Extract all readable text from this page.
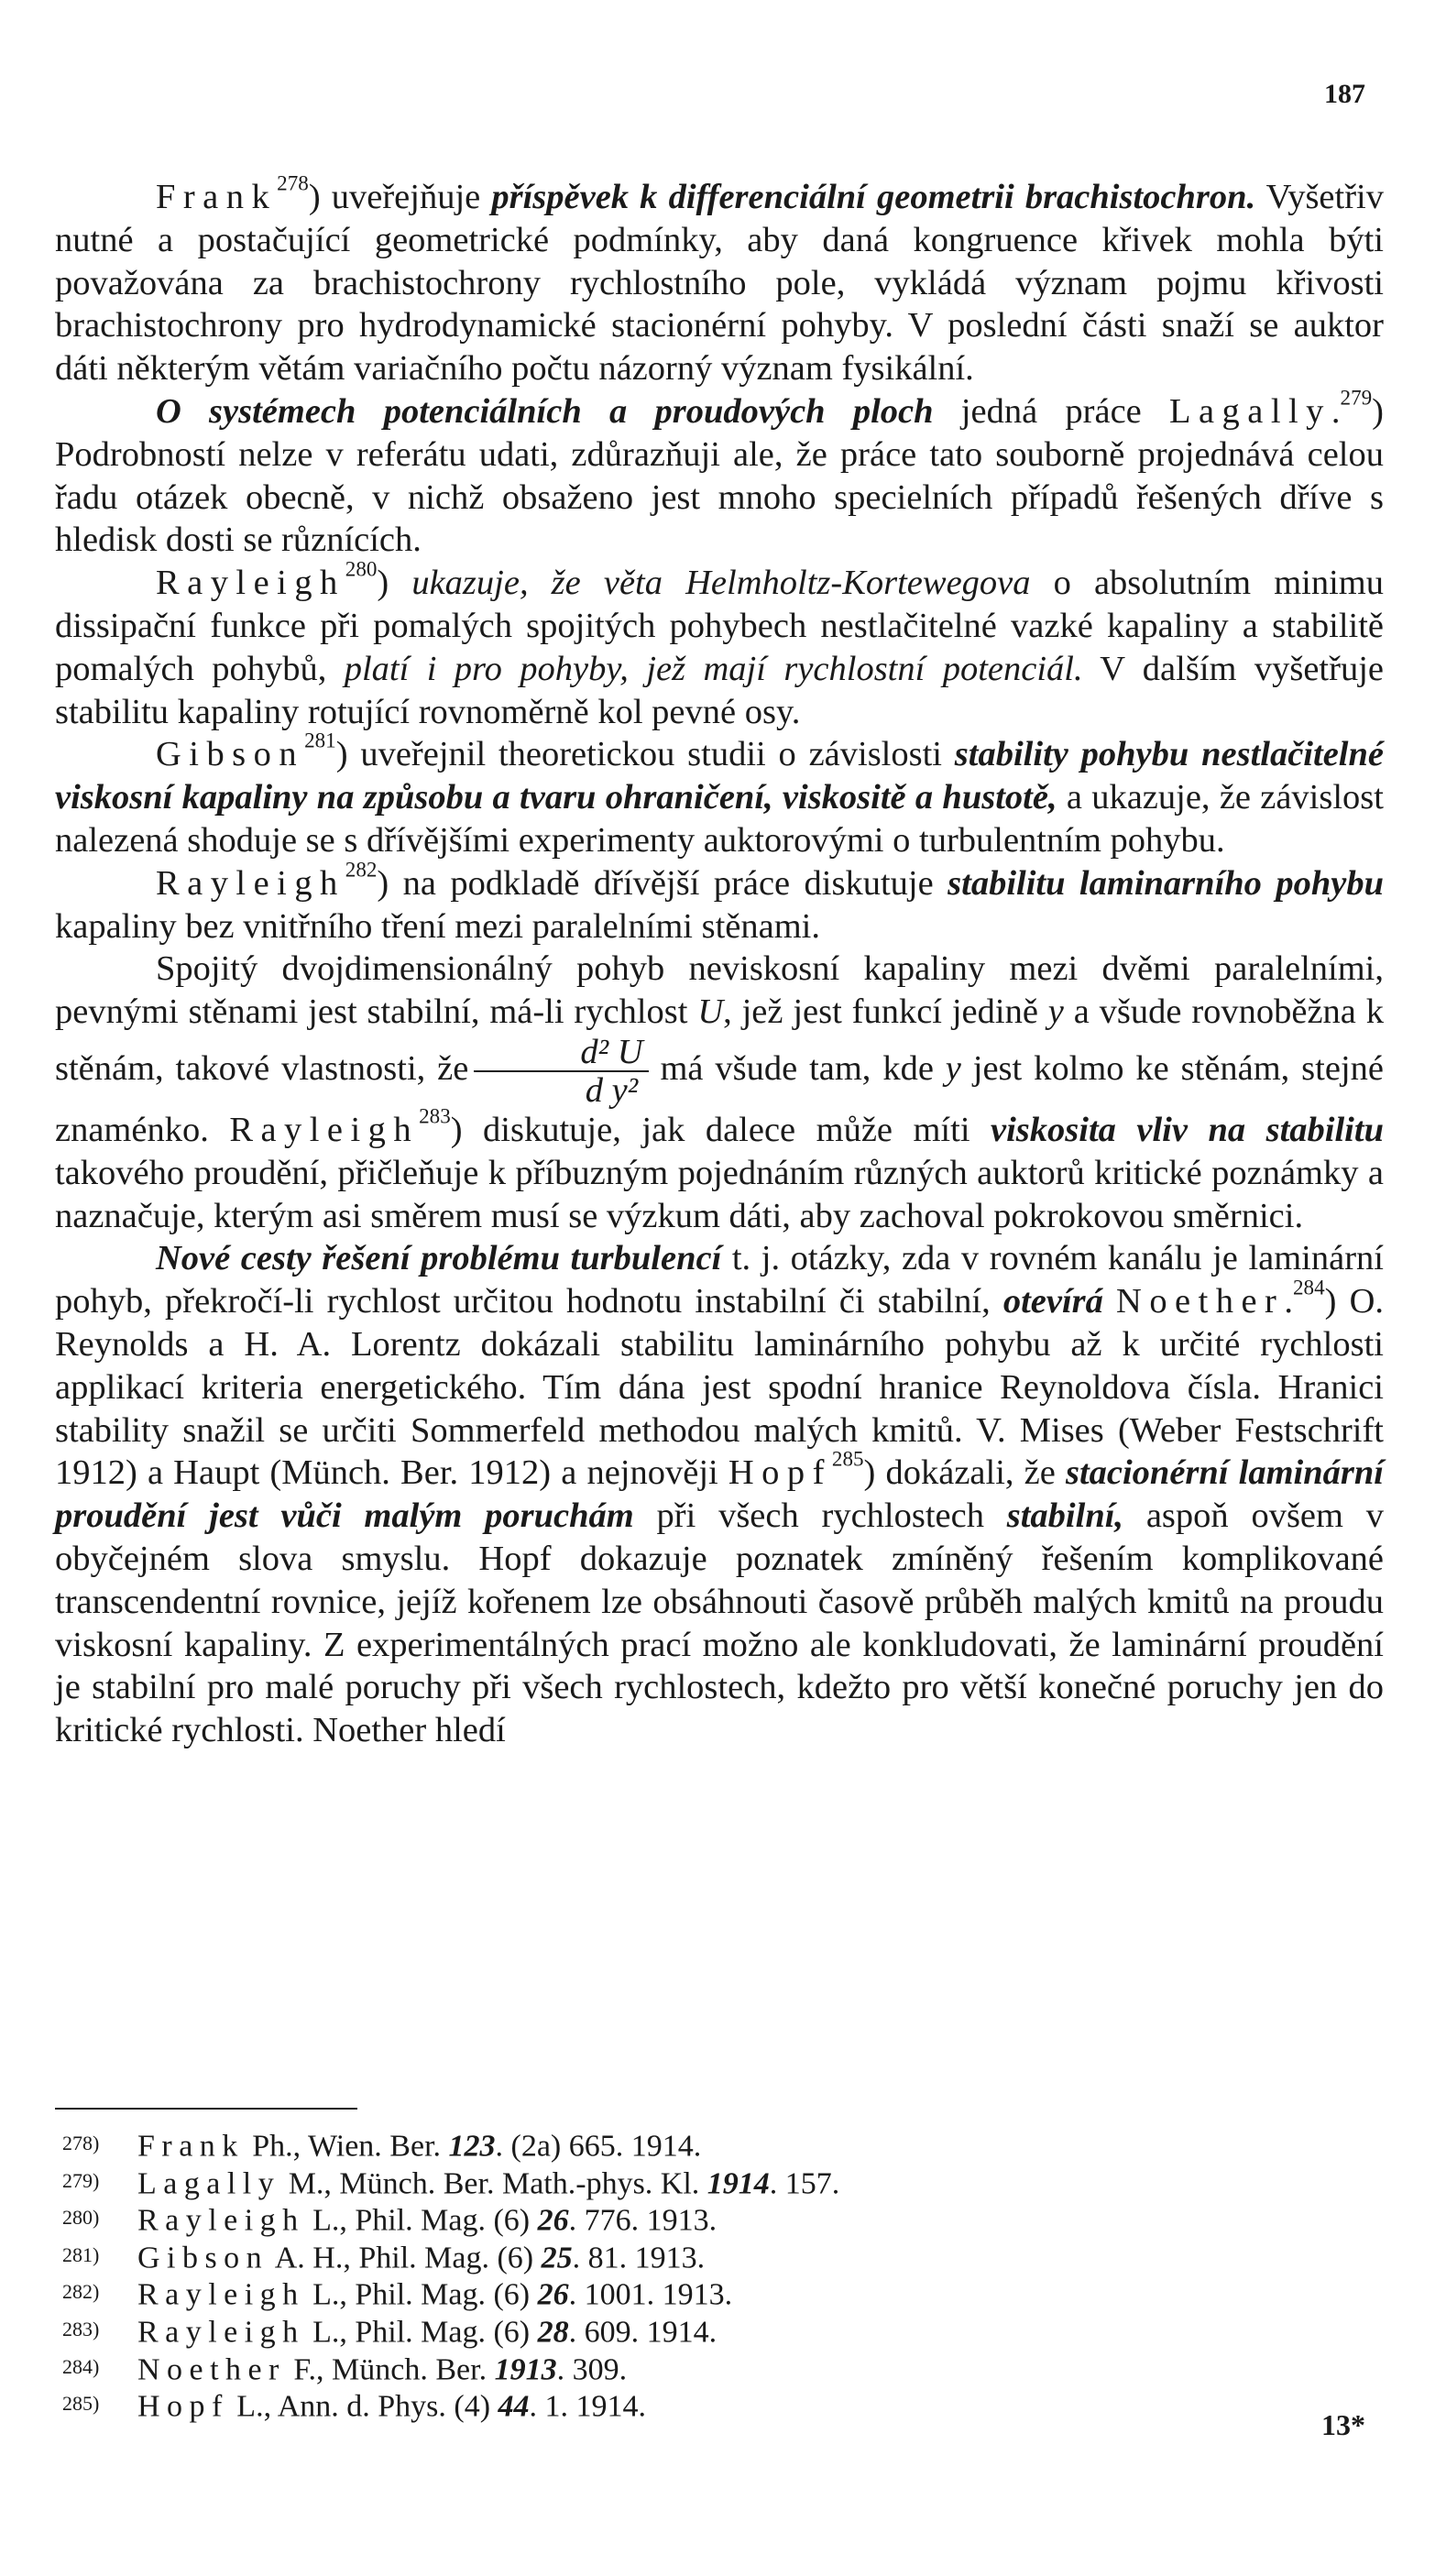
187

Frank$^{278}$) uveřejňuje příspěvek k differenciální geometrii brachistochron. Vyšetřiv nutné a postačující geometrické podmínky, aby daná kongruence křivek mohla býti považována za brachistochrony rychlostního pole, vykládá význam pojmu křivosti brachistochrony pro hydrodynamické stacionérní pohyby. V poslední části snaží se auktor dáti některým větám variačního počtu názorný význam fysikální.

O systémech potenciálních a proudových ploch jedná práce Lagally.$^{279}$) Podrobností nelze v referátu udati, zdůrazňuji ale, že práce tato souborně projednává celou řadu otázek obecně, v nichž obsaženo jest mnoho specielních případů řešených dříve s hledisk dosti se různících.

Rayleigh$^{280}$) ukazuje, že věta Helmholtz-Kortewegova o absolutním minimu dissipační funkce při pomalých spojitých pohybech nestlačitelné vazké kapaliny a stabilitě pomalých pohybů, platí i pro pohyby, jež mají rychlostní potenciál. V dalším vyšetřuje stabilitu kapaliny rotující rovnoměrně kol pevné osy.

Gibson$^{281}$) uveřejnil theoretickou studii o závislosti stability pohybu nestlačitelné viskosní kapaliny na způsobu a tvaru ohraničení, viskositě a hustotě, a ukazuje, že závislost nalezená shoduje se s dřívějšími experimenty auktorovými o turbulentním pohybu.

Rayleigh$^{282}$) na podkladě dřívější práce diskutuje stabilitu laminarního pohybu kapaliny bez vnitřního tření mezi paralelními stěnami.

Spojitý dvojdimensionálný pohyb neviskosní kapaliny mezi dvěmi paralelními, pevnými stěnami jest stabilní, má-li rychlost U, jež jest funkcí jedině y a všude rovnoběžna k stěnám, takové vlastnosti, že $\frac{\text{d² U}}{\text{d y²}}$ má všude tam, kde y jest kolmo ke stěnám, stejné znaménko. Rayleigh$^{283}$) diskutuje, jak dalece může míti viskosita vliv na stabilitu takového proudění, přičleňuje k příbuzným pojednáním různých auktorů kritické poznámky a naznačuje, kterým asi směrem musí se výzkum dáti, aby zachoval pokrokovou směrnici.

Nové cesty řešení problému turbulencí t. j. otázky, zda v rovném kanálu je laminární pohyb, překročí-li rychlost určitou hodnotu instabilní či stabilní, otevírá Noether.$^{284}$) O. Reynolds a H. A. Lorentz dokázali stabilitu laminárního pohybu až k určité rychlosti applikací kriteria energetického. Tím dána jest spodní hranice Reynoldova čísla. Hranici stability snažil se určiti Sommerfeld methodou malých kmitů. V. Mises (Weber Festschrift 1912) a Haupt (Münch. Ber. 1912) a nejnověji Hopf$^{285}$) dokázali, že stacionérní laminární proudění jest vůči malým poruchám při všech rychlostech stabilní, aspoň ovšem v obyčejném slova smyslu. Hopf dokazuje poznatek zmíněný řešením komplikované transcendentní rovnice, jejíž kořenem lze obsáhnouti časově průběh malých kmitů na proudu viskosní kapaliny. Z experimentálných prací možno ale konkludovati, že laminární proudění je stabilní pro malé poruchy při všech rychlostech, kdežto pro větší konečné poruchy jen do kritické rychlosti. Noether hledí

278) Frank Ph., Wien. Ber. 123. (2a) 665. 1914.
279) Lagally M., Münch. Ber. Math.-phys. Kl. 1914. 157.
280) Rayleigh L., Phil. Mag. (6) 26. 776. 1913.
281) Gibson A. H., Phil. Mag. (6) 25. 81. 1913.
282) Rayleigh L., Phil. Mag. (6) 26. 1001. 1913.
283) Rayleigh L., Phil. Mag. (6) 28. 609. 1914.
284) Noether F., Münch. Ber. 1913. 309.
285) Hopf L., Ann. d. Phys. (4) 44. 1. 1914.
13*
